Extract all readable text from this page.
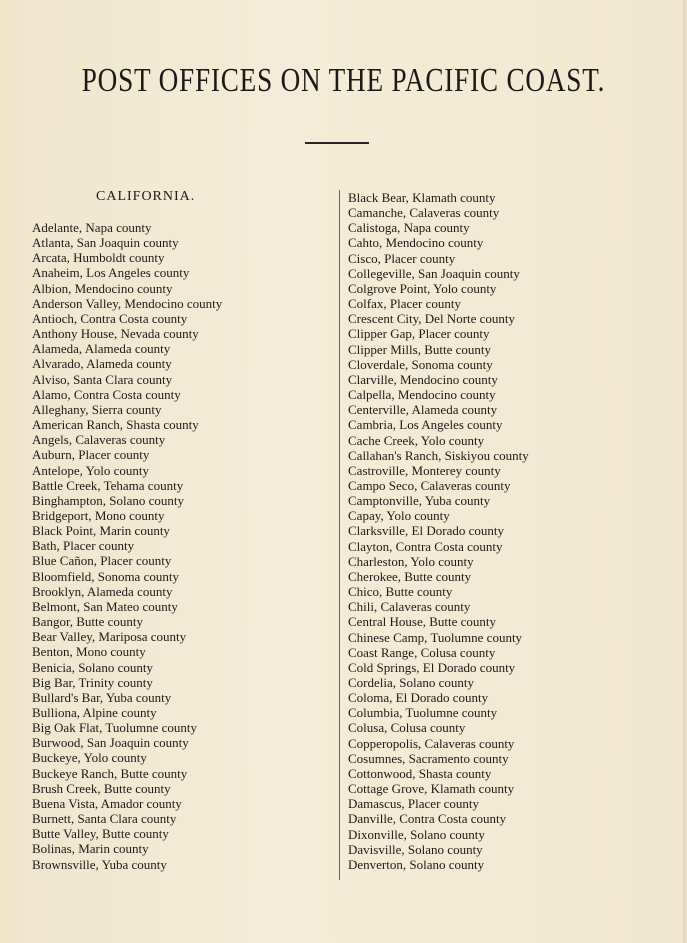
POST OFFICES ON THE PACIFIC COAST.
CALIFORNIA.
Adelante, Napa county
Atlanta, San Joaquin county
Arcata, Humboldt county
Anaheim, Los Angeles county
Albion, Mendocino county
Anderson Valley, Mendocino county
Antioch, Contra Costa county
Anthony House, Nevada county
Alameda, Alameda county
Alvarado, Alameda county
Alviso, Santa Clara county
Alamo, Contra Costa county
Alleghany, Sierra county
American Ranch, Shasta county
Angels, Calaveras county
Auburn, Placer county
Antelope, Yolo county
Battle Creek, Tehama county
Binghampton, Solano county
Bridgeport, Mono county
Black Point, Marin county
Bath, Placer county
Blue Cañon, Placer county
Bloomfield, Sonoma county
Brooklyn, Alameda county
Belmont, San Mateo county
Bangor, Butte county
Bear Valley, Mariposa county
Benton, Mono county
Benicia, Solano county
Big Bar, Trinity county
Bullard's Bar, Yuba county
Bulliona, Alpine county
Big Oak Flat, Tuolumne county
Burwood, San Joaquin county
Buckeye, Yolo county
Buckeye Ranch, Butte county
Brush Creek, Butte county
Buena Vista, Amador county
Burnett, Santa Clara county
Butte Valley, Butte county
Bolinas, Marin county
Brownsville, Yuba county
Black Bear, Klamath county
Camanche, Calaveras county
Calistoga, Napa county
Cahto, Mendocino county
Cisco, Placer county
Collegeville, San Joaquin county
Colgrove Point, Yolo county
Colfax, Placer county
Crescent City, Del Norte county
Clipper Gap, Placer county
Clipper Mills, Butte county
Cloverdale, Sonoma county
Clarville, Mendocino county
Calpella, Mendocino county
Centerville, Alameda county
Cambria, Los Angeles county
Cache Creek, Yolo county
Callahan's Ranch, Siskiyou county
Castroville, Monterey county
Campo Seco, Calaveras county
Camptonville, Yuba county
Capay, Yolo county
Clarksville, El Dorado county
Clayton, Contra Costa county
Charleston, Yolo county
Cherokee, Butte county
Chico, Butte county
Chili, Calaveras county
Central House, Butte county
Chinese Camp, Tuolumne county
Coast Range, Colusa county
Cold Springs, El Dorado county
Cordelia, Solano county
Coloma, El Dorado county
Columbia, Tuolumne county
Colusa, Colusa county
Copperopolis, Calaveras county
Cosumnes, Sacramento county
Cottonwood, Shasta county
Cottage Grove, Klamath county
Damascus, Placer county
Danville, Contra Costa county
Dixonville, Solano county
Davisville, Solano county
Denverton, Solano county
